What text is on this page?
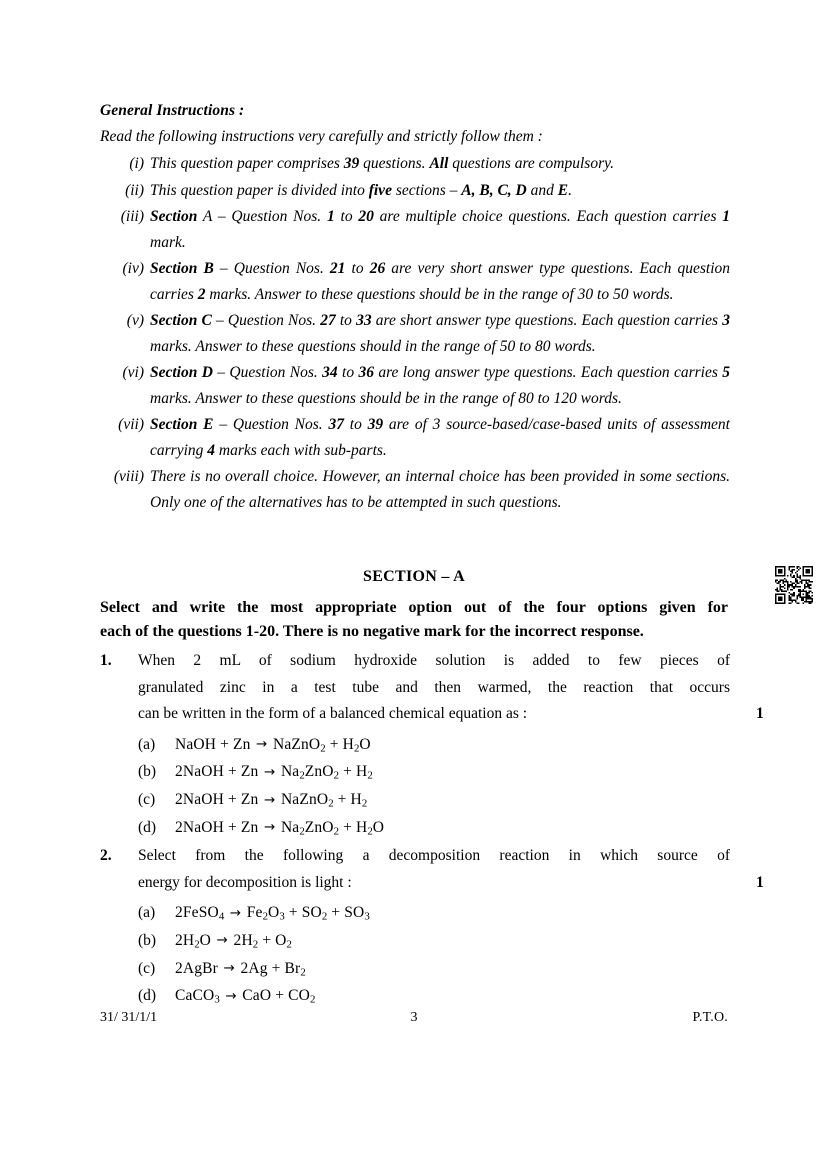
General Instructions :
Read the following instructions very carefully and strictly follow them :
(i) This question paper comprises 39 questions. All questions are compulsory.
(ii) This question paper is divided into five sections – A, B, C, D and E.
(iii) Section A – Question Nos. 1 to 20 are multiple choice questions. Each question carries 1 mark.
(iv) Section B – Question Nos. 21 to 26 are very short answer type questions. Each question carries 2 marks. Answer to these questions should be in the range of 30 to 50 words.
(v) Section C – Question Nos. 27 to 33 are short answer type questions. Each question carries 3 marks. Answer to these questions should in the range of 50 to 80 words.
(vi) Section D – Question Nos. 34 to 36 are long answer type questions. Each question carries 5 marks. Answer to these questions should be in the range of 80 to 120 words.
(vii) Section E – Question Nos. 37 to 39 are of 3 source-based/case-based units of assessment carrying 4 marks each with sub-parts.
(viii) There is no overall choice. However, an internal choice has been provided in some sections. Only one of the alternatives has to be attempted in such questions.
SECTION – A
Select and write the most appropriate option out of the four options given for
each of the questions 1-20. There is no negative mark for the incorrect response.
1.	When 2 mL of sodium hydroxide solution is added to few pieces of
granulated zinc in a test tube and then warmed, the reaction that occurs
can be written in the form of a balanced chemical equation as :	1
(a)	NaOH + Zn → NaZnO$_2$ + $H_2O$
(b)	2NaOH + $Zn \to Na_2ZnO_2 + H_2$
(c)	2NaOH + Zn → NaZnO$_2$ + $H_2$
(d)	2NaOH + $Zn \to Na_2ZnO_2 + H_2O$
2.	Select from the following a decomposition reaction in which source of
energy for decomposition is light :	1
(a)	2FeSO$_4$ → $Fe_2O_3 + SO_2 + SO_3$
(b)	$2H_2O \to 2H_2 + O_2$
(c)	2AgBr → $2Ag + Br_2$
(d)	CaCO$_3$ → CaO + $CO_2$
31/ 31/1/1	3	P.T.O.
